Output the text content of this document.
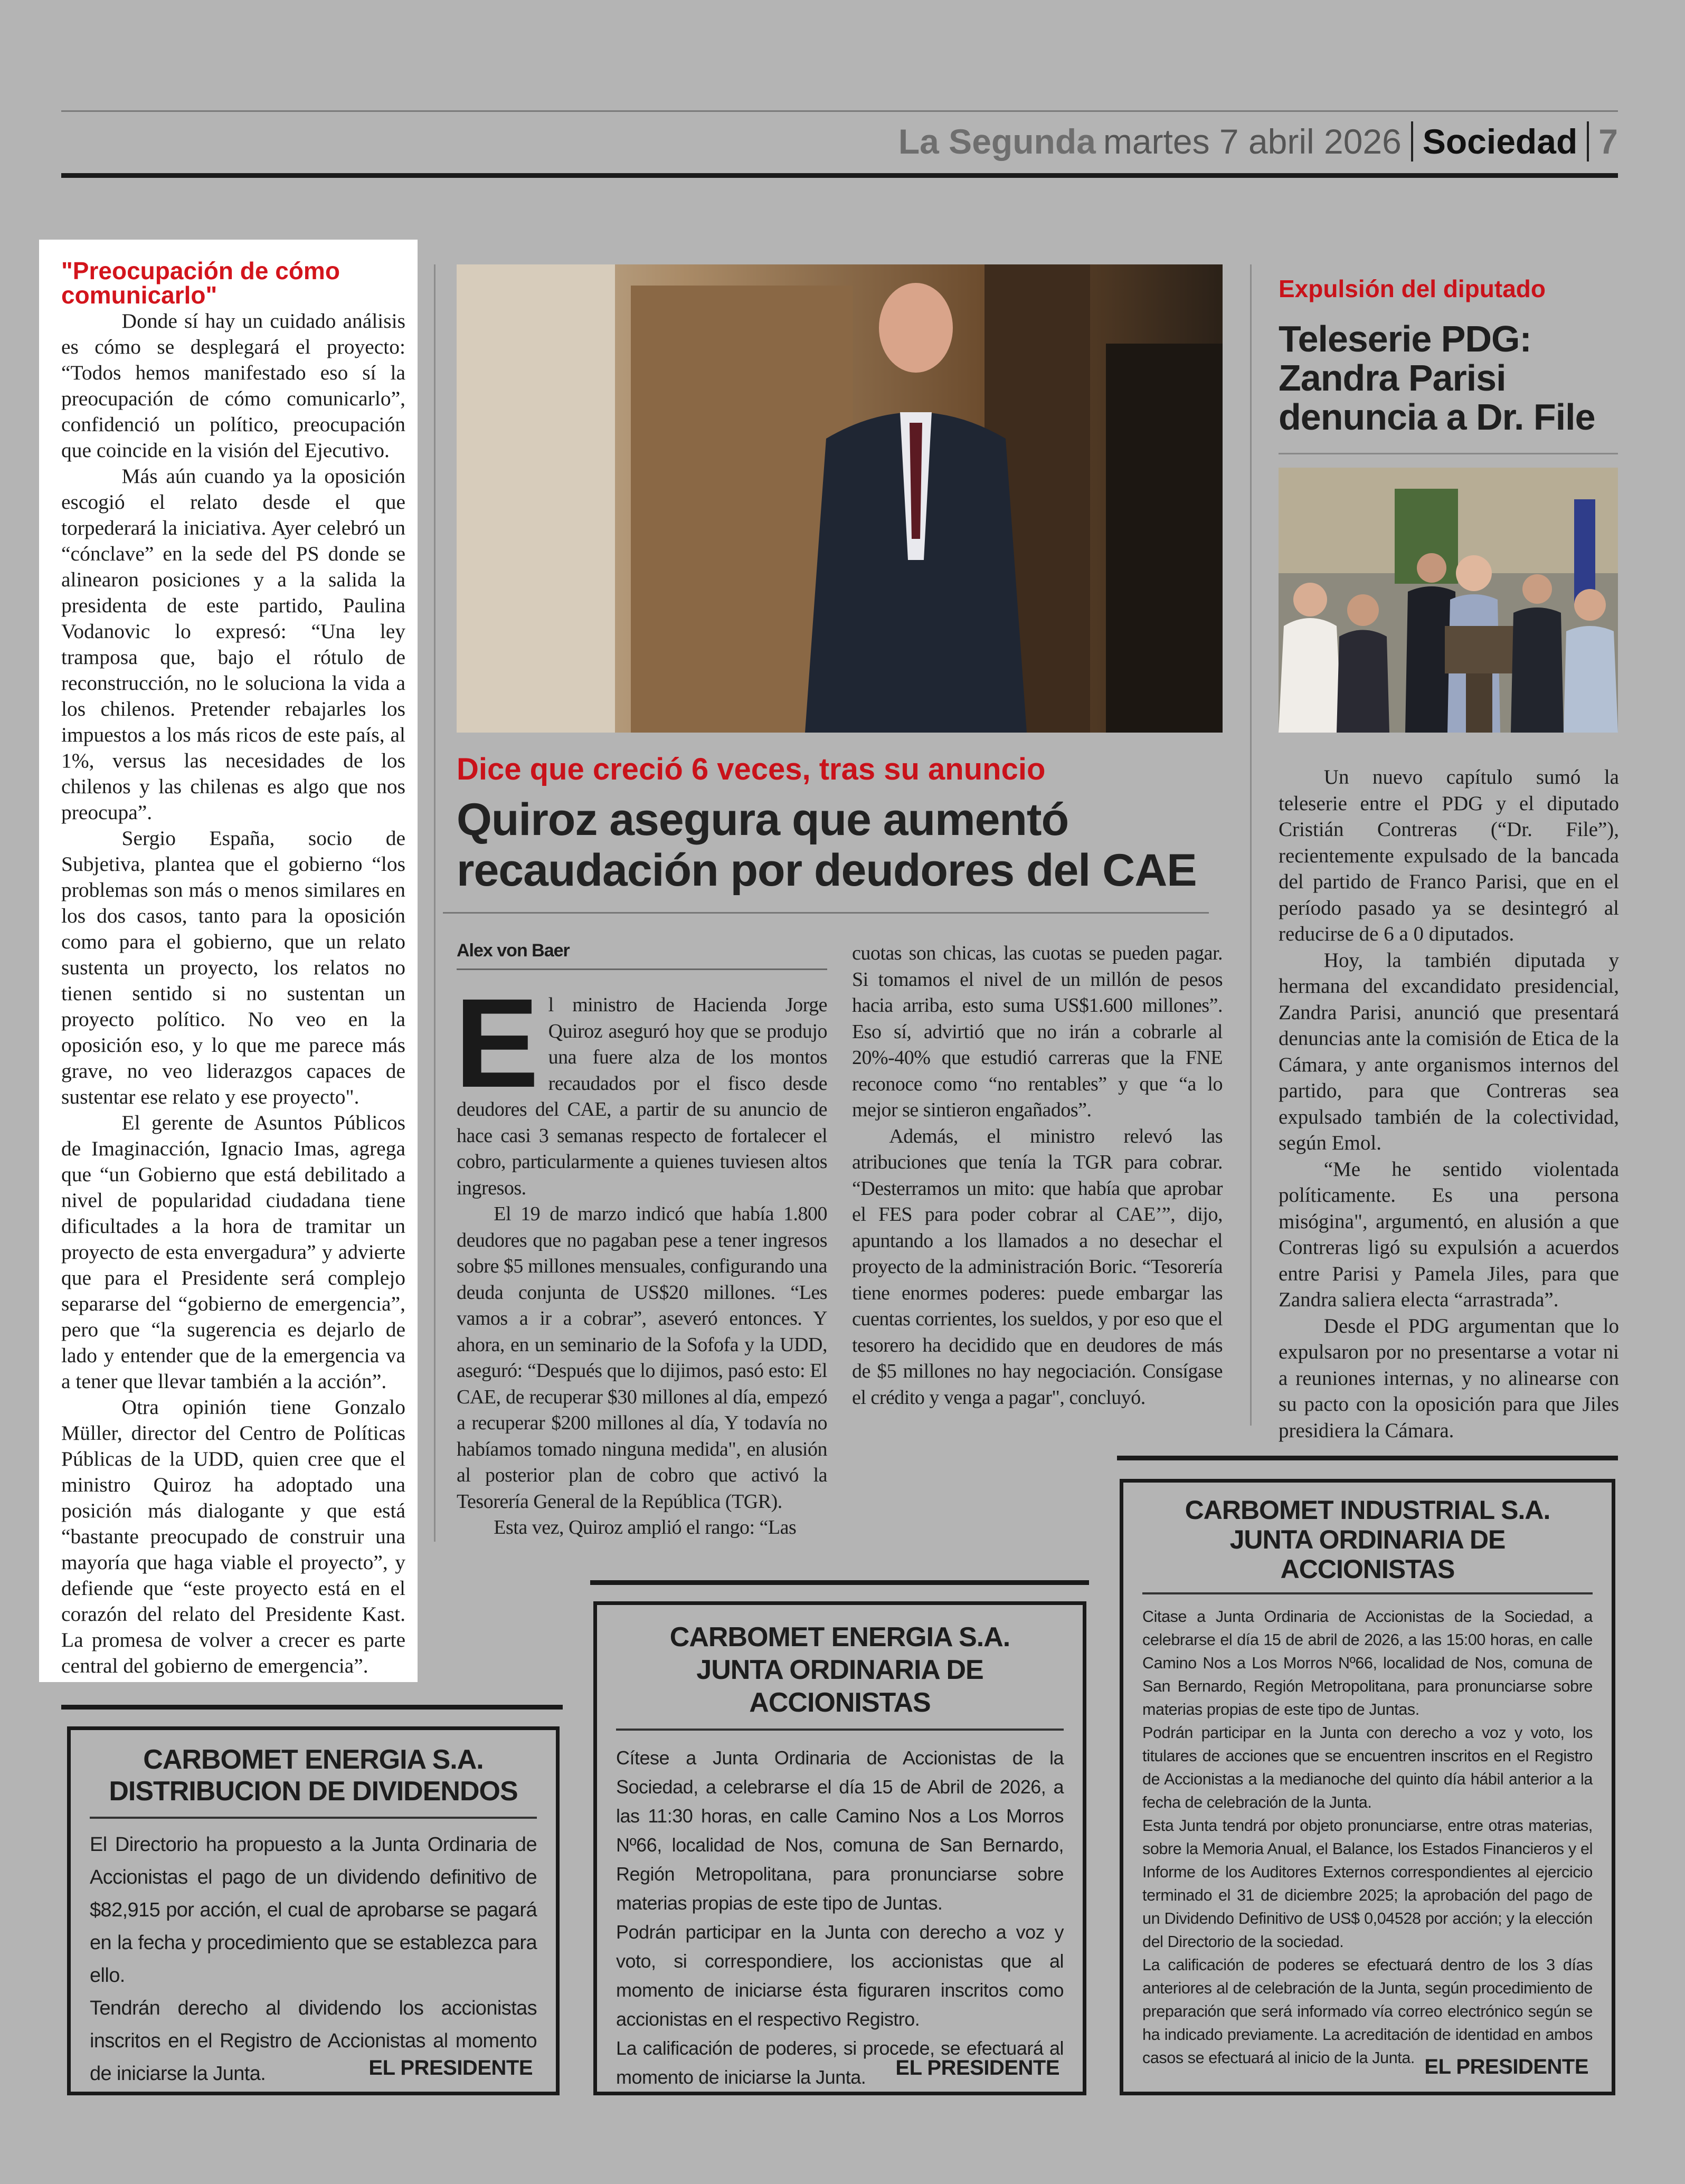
La Segunda martes 7 abril 2026 Sociedad 7
"Preocupación de cómo comunicarlo"

Donde sí hay un cuidado análisis es cómo se desplegará el proyecto: “Todos hemos manifestado eso sí la preocupación de cómo comunicarlo”, confidenció un político, preocupación que coincide en la visión del Ejecutivo.

Más aún cuando ya la oposición escogió el relato desde el que torpederará la iniciativa. Ayer celebró un “cónclave” en la sede del PS donde se alinearon posiciones y a la salida la presidenta de este partido, Paulina Vodanovic lo expresó: “Una ley tramposa que, bajo el rótulo de reconstrucción, no le soluciona la vida a los chilenos. Pretender rebajarles los impuestos a los más ricos de este país, al 1%, versus las necesidades de los chilenos y las chilenas es algo que nos preocupa”.

Sergio España, socio de Subjetiva, plantea que el gobierno “los problemas son más o menos similares en los dos casos, tanto para la oposición como para el gobierno, que un relato sustenta un proyecto, los relatos no tienen sentido si no sustentan un proyecto político. No veo en la oposición eso, y lo que me parece más grave, no veo liderazgos capaces de sustentar ese relato y ese proyecto".

El gerente de Asuntos Públicos de Imaginacción, Ignacio Imas, agrega que “un Gobierno que está debilitado a nivel de popularidad ciudadana tiene dificultades a la hora de tramitar un proyecto de esta envergadura” y advierte que para el Presidente será complejo separarse del “gobierno de emergencia”, pero que “la sugerencia es dejarlo de lado y entender que de la emergencia va a tener que llevar también a la acción”.

Otra opinión tiene Gonzalo Müller, director del Centro de Políticas Públicas de la UDD, quien cree que el ministro Quiroz ha adoptado una posición más dialogante y que está “bastante preocupado de construir una mayoría que haga viable el proyecto”, y defiende que “este proyecto está en el corazón del relato del Presidente Kast. La promesa de volver a crecer es parte central del gobierno de emergencia”.

Dice que creció 6 veces, tras su anuncio
Quiroz asegura que aumentó recaudación por deudores del CAE
Alex von Baer

El ministro de Hacienda Jorge Quiroz aseguró hoy que se produjo una fuere alza de los montos recaudados por el fisco desde deudores del CAE, a partir de su anuncio de hace casi 3 semanas respecto de fortalecer el cobro, particularmente a quienes tuviesen altos ingresos.

El 19 de marzo indicó que había 1.800 deudores que no pagaban pese a tener ingresos sobre $5 millones mensuales, configurando una deuda conjunta de US$20 millones. “Les vamos a ir a cobrar”, aseveró entonces. Y ahora, en un seminario de la Sofofa y la UDD, aseguró: “Después que lo dijimos, pasó esto: El CAE, de recuperar $30 millones al día, empezó a recuperar $200 millones al día, Y todavía no habíamos tomado ninguna medida", en alusión al posterior plan de cobro que activó la Tesorería General de la República (TGR).

Esta vez, Quiroz amplió el rango: “Las

cuotas son chicas, las cuotas se pueden pagar. Si tomamos el nivel de un millón de pesos hacia arriba, esto suma US$1.600 millones”. Eso sí, advirtió que no irán a cobrarle al 20%-40% que estudió carreras que la FNE reconoce como “no rentables” y que “a lo mejor se sintieron engañados”.

Además, el ministro relevó las atribuciones que tenía la TGR para cobrar. “Desterramos un mito: que había que aprobar el FES para poder cobrar al CAE’”, dijo, apuntando a los llamados a no desechar el proyecto de la administración Boric. “Tesorería tiene enormes poderes: puede embargar las cuentas corrientes, los sueldos, y por eso que el tesorero ha decidido que en deudores de más de $5 millones no hay negociación. Consígase el crédito y venga a pagar", concluyó.

Expulsión del diputado
Teleserie PDG: Zandra Parisi denuncia a Dr. File

Un nuevo capítulo sumó la teleserie entre el PDG y el diputado Cristián Contreras (“Dr. File”), recientemente expulsado de la bancada del partido de Franco Parisi, que en el período pasado ya se desintegró al reducirse de 6 a 0 diputados.

Hoy, la también diputada y hermana del excandidato presidencial, Zandra Parisi, anunció que presentará denuncias ante la comisión de Etica de la Cámara, y ante organismos internos del partido, para que Contreras sea expulsado también de la colectividad, según Emol.

“Me he sentido violentada políticamente. Es una persona misógina", argumentó, en alusión a que Contreras ligó su expulsión a acuerdos entre Parisi y Pamela Jiles, para que Zandra saliera electa “arrastrada”.

Desde el PDG argumentan que lo expulsaron por no presentarse a votar ni a reuniones internas, y no alinearse con su pacto con la oposición para que Jiles presidiera la Cámara.

CARBOMET ENERGIA S.A.
DISTRIBUCION DE DIVIDENDOS

El Directorio ha propuesto a la Junta Ordinaria de Accionistas el pago de un dividendo definitivo de $82,915 por acción, el cual de aprobarse se pagará en la fecha y procedimiento que se establezca para ello.

Tendrán derecho al dividendo los accionistas inscritos en el Registro de Accionistas al momento de iniciarse la Junta.	EL PRESIDENTE
CARBOMET ENERGIA S.A.
JUNTA ORDINARIA DE ACCIONISTAS

Cítese a Junta Ordinaria de Accionistas de la Sociedad, a celebrarse el día 15 de Abril de 2026, a las 11:30 horas, en calle Camino Nos a Los Morros Nº66, localidad de Nos, comuna de San Bernardo, Región Metropolitana, para pronunciarse sobre materias propias de este tipo de Juntas.

Podrán participar en la Junta con derecho a voz y voto, si correspondiere, los accionistas que al momento de iniciarse ésta figuraren inscritos como accionistas en el respectivo Registro.

La calificación de poderes, si procede, se efectuará al momento de iniciarse la Junta.	EL PRESIDENTE
CARBOMET INDUSTRIAL S.A.
JUNTA ORDINARIA DE ACCIONISTAS

Citase a Junta Ordinaria de Accionistas de la Sociedad, a celebrarse el día 15 de abril de 2026, a las 15:00 horas, en calle Camino Nos a Los Morros Nº66, localidad de Nos, comuna de San Bernardo, Región Metropolitana, para pronunciarse sobre materias propias de este tipo de Juntas.

Podrán participar en la Junta con derecho a voz y voto, los titulares de acciones que se encuentren inscritos en el Registro de Accionistas a la medianoche del quinto día hábil anterior a la fecha de celebración de la Junta.

Esta Junta tendrá por objeto pronunciarse, entre otras materias, sobre la Memoria Anual, el Balance, los Estados Financieros y el Informe de los Auditores Externos correspondientes al ejercicio terminado el 31 de diciembre 2025; la aprobación del pago de un Dividendo Definitivo de US$ 0,04528 por acción; y la elección del Directorio de la sociedad.

La calificación de poderes se efectuará dentro de los 3 días anteriores al de celebración de la Junta, según procedimiento de preparación que será informado vía correo electrónico según se ha indicado previamente. La acreditación de identidad en ambos casos se efectuará al inicio de la Junta. EL PRESIDENTE
